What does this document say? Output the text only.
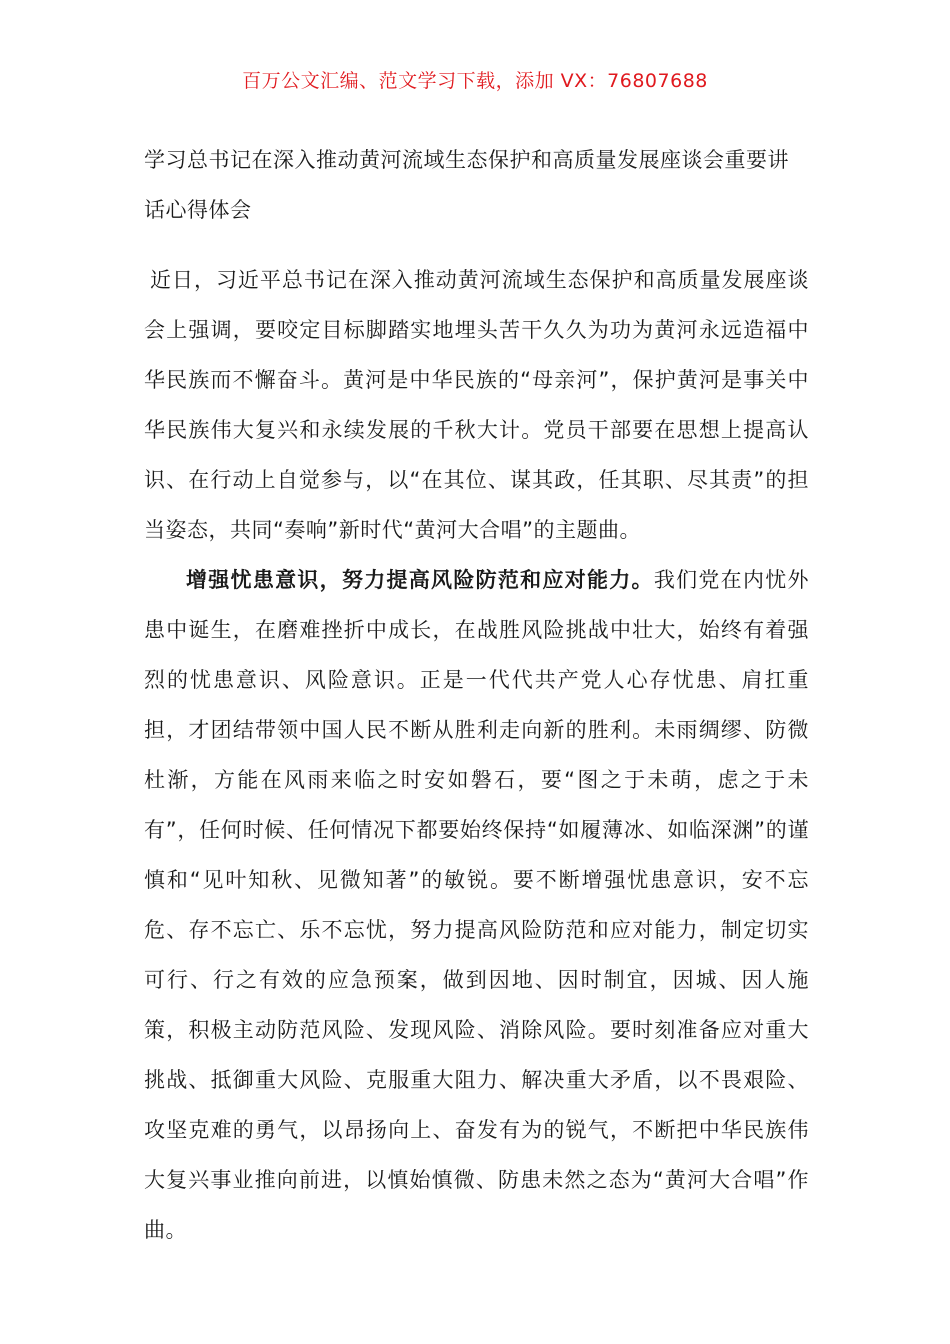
百万公文汇编、范文学习下载，添加 VX：76807688
学习总书记在深入推动黄河流域生态保护和高质量发展座谈会重要讲话心得体会

近日，习近平总书记在深入推动黄河流域生态保护和高质量发展座谈会上强调，要咬定目标脚踏实地埋头苦干久久为功为黄河永远造福中华民族而不懈奋斗。黄河是中华民族的“母亲河”，保护黄河是事关中华民族伟大复兴和永续发展的千秋大计。党员干部要在思想上提高认识、在行动上自觉参与，以“在其位、谋其政，任其职、尽其责”的担当姿态，共同“奏响”新时代“黄河大合唱”的主题曲。

增强忧患意识，努力提高风险防范和应对能力。我们党在内忧外患中诞生，在磨难挫折中成长，在战胜风险挑战中壮大，始终有着强烈的忧患意识、风险意识。正是一代代共产党人心存忧患、肩扛重担，才团结带领中国人民不断从胜利走向新的胜利。未雨绸缪、防微杜渐，方能在风雨来临之时安如磐石，要“图之于未萌，虑之于未有”，任何时候、任何情况下都要始终保持“如履薄冰、如临深渊”的谨慎和“见叶知秋、见微知著”的敏锐。要不断增强忧患意识，安不忘危、存不忘亡、乐不忘忧，努力提高风险防范和应对能力，制定切实可行、行之有效的应急预案，做到因地、因时制宜，因城、因人施策，积极主动防范风险、发现风险、消除风险。要时刻准备应对重大挑战、抵御重大风险、克服重大阻力、解决重大矛盾，以不畏艰险、攻坚克难的勇气，以昂扬向上、奋发有为的锐气，不断把中华民族伟大复兴事业推向前进，以慎始慎微、防患未然之态为“黄河大合唱”作曲。
